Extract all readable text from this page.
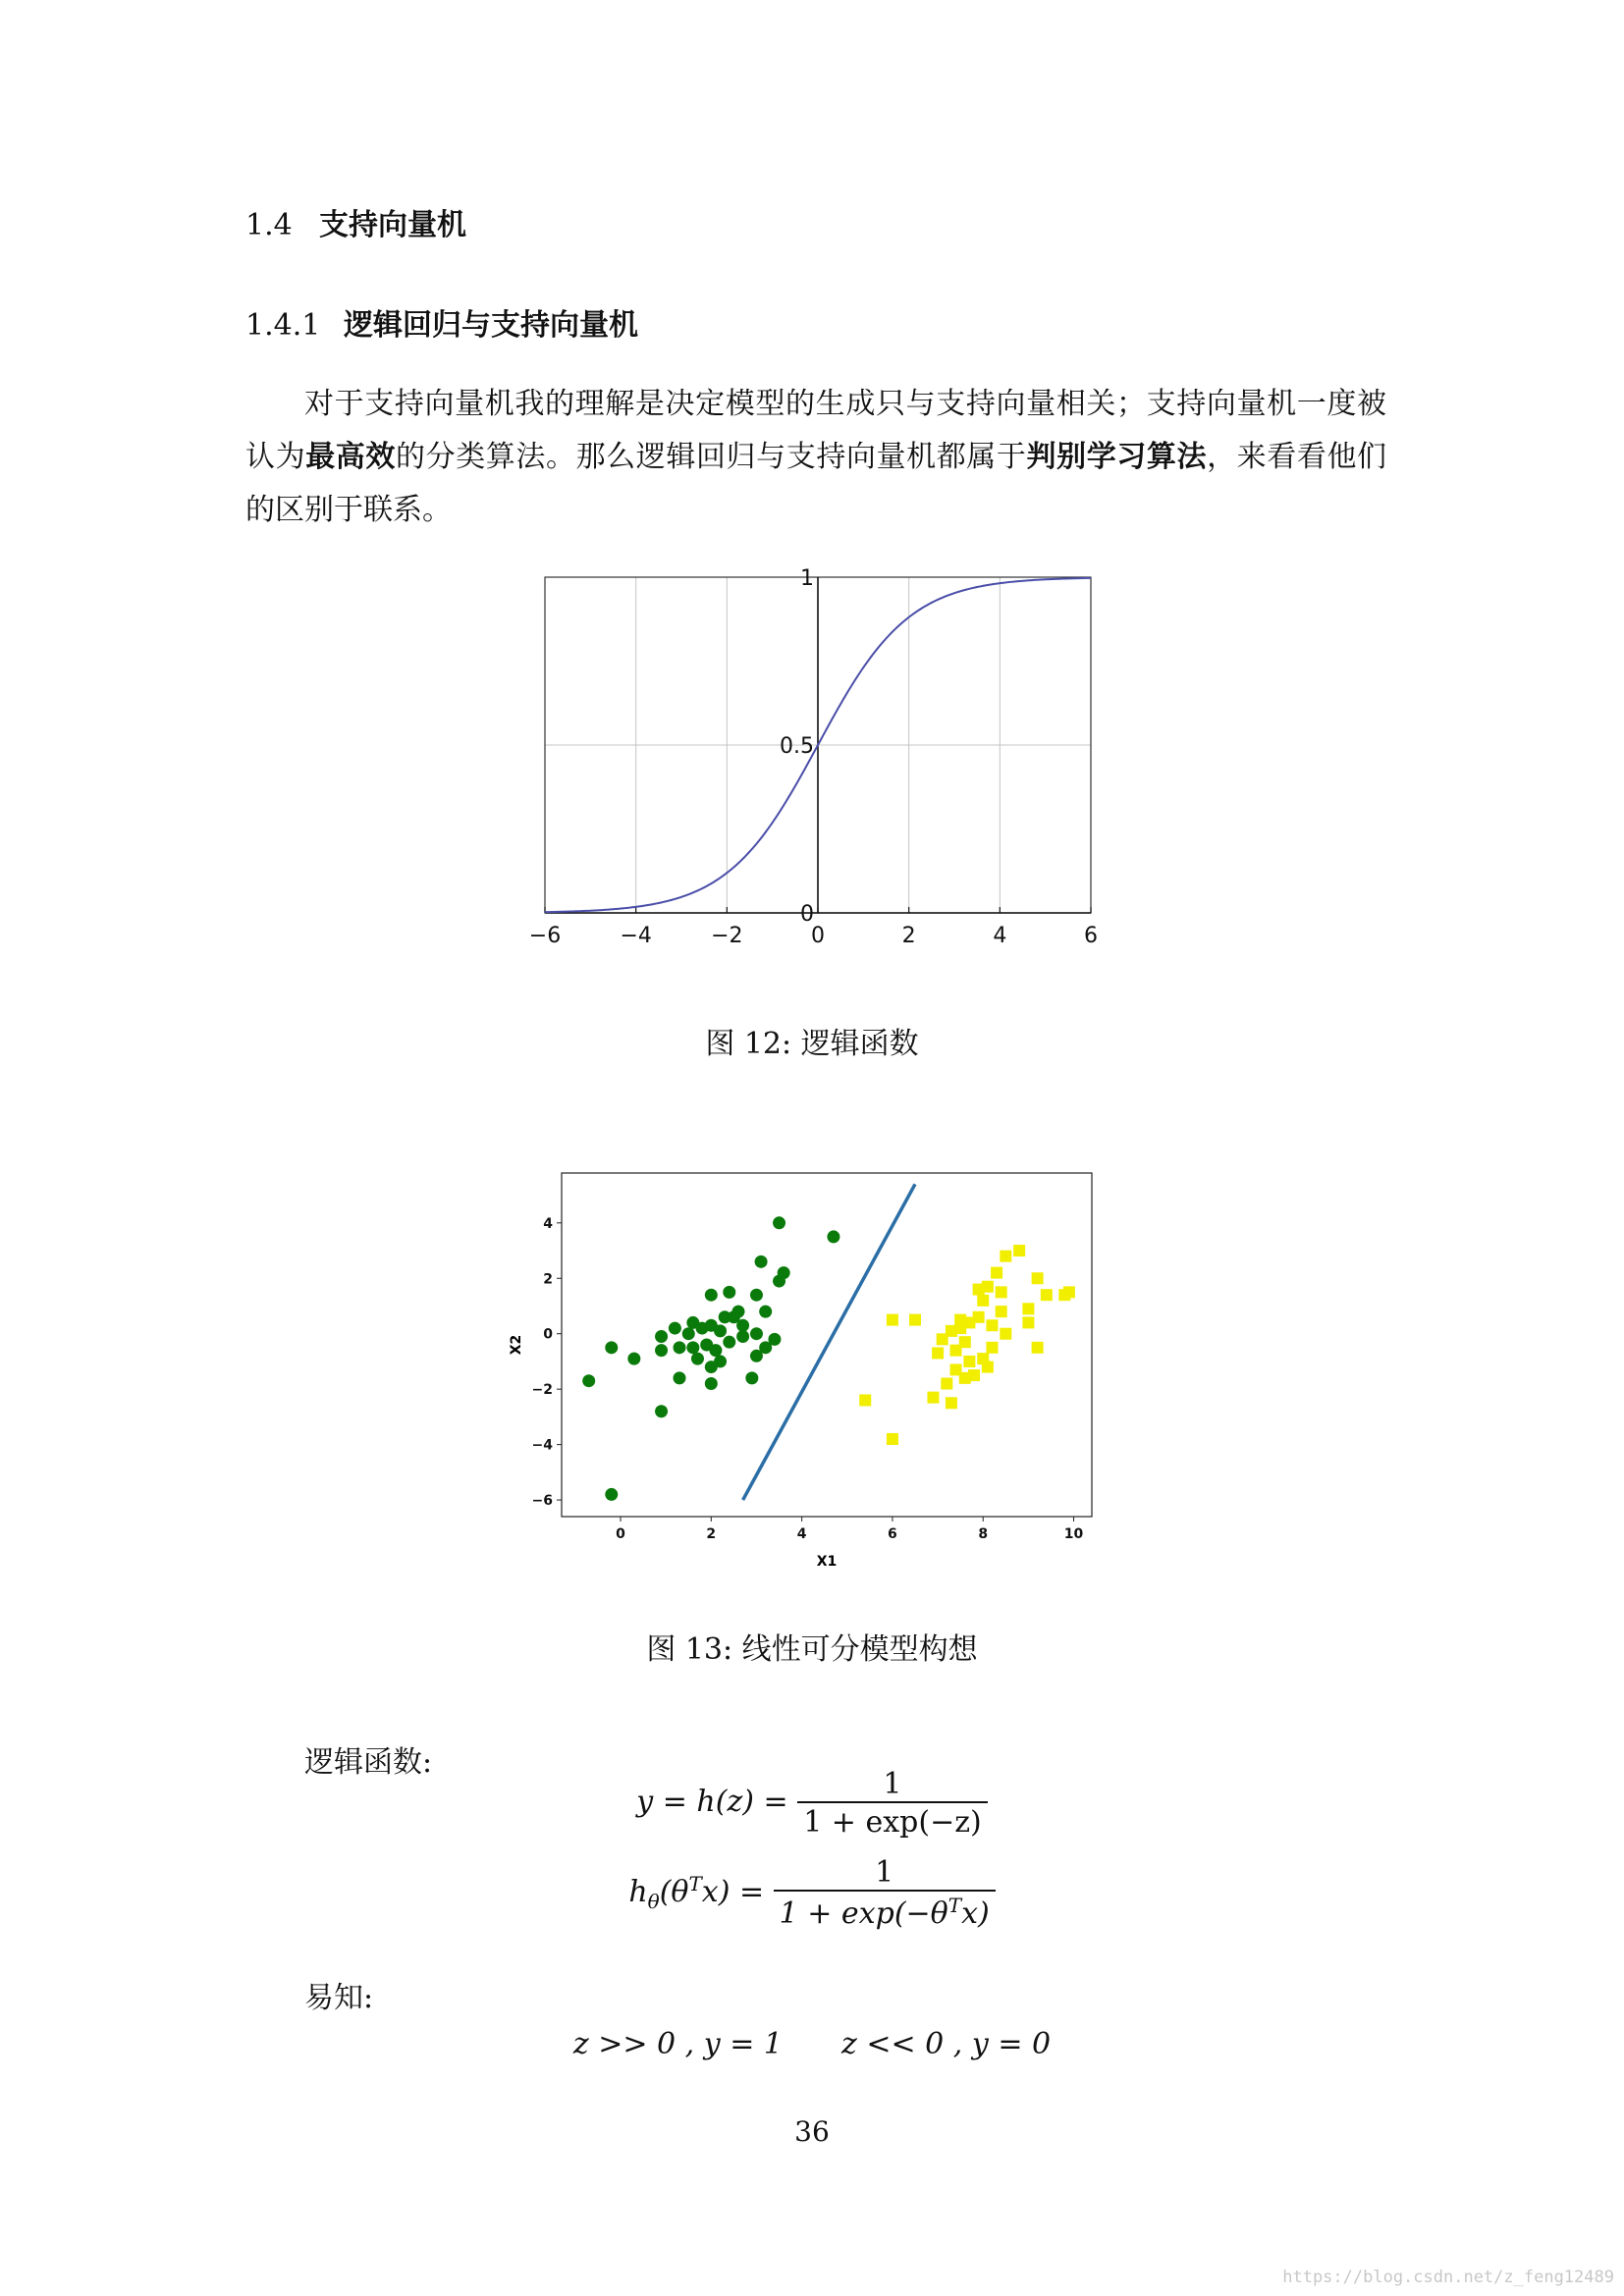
1.4 支持向量机
1.4.1 逻辑回归与支持向量机
对于支持向量机我的理解是决定模型的生成只与支持向量相关；支持向量机一度被认为最高效的分类算法。那么逻辑回归与支持向量机都属于判别学习算法，来看看他们的区别于联系。
−6	−4	−2	0	2	4	6
0
0.5
1
图 12: 逻辑函数
0	2	4	6	8	10
4
2
0
−2
−4
−6
X1
X2
图 13: 线性可分模型构想
逻辑函数:
$y = h(z) = \frac{1}{1 + \exp(-z)}$
$h_\theta(\theta^Tx) = \frac{1}{1 + \exp(-\theta^Tx)}$
易知:
z >> 0 , y = 1 z << 0 , y = 0
36
https://blog.csdn.net/z_feng12489
